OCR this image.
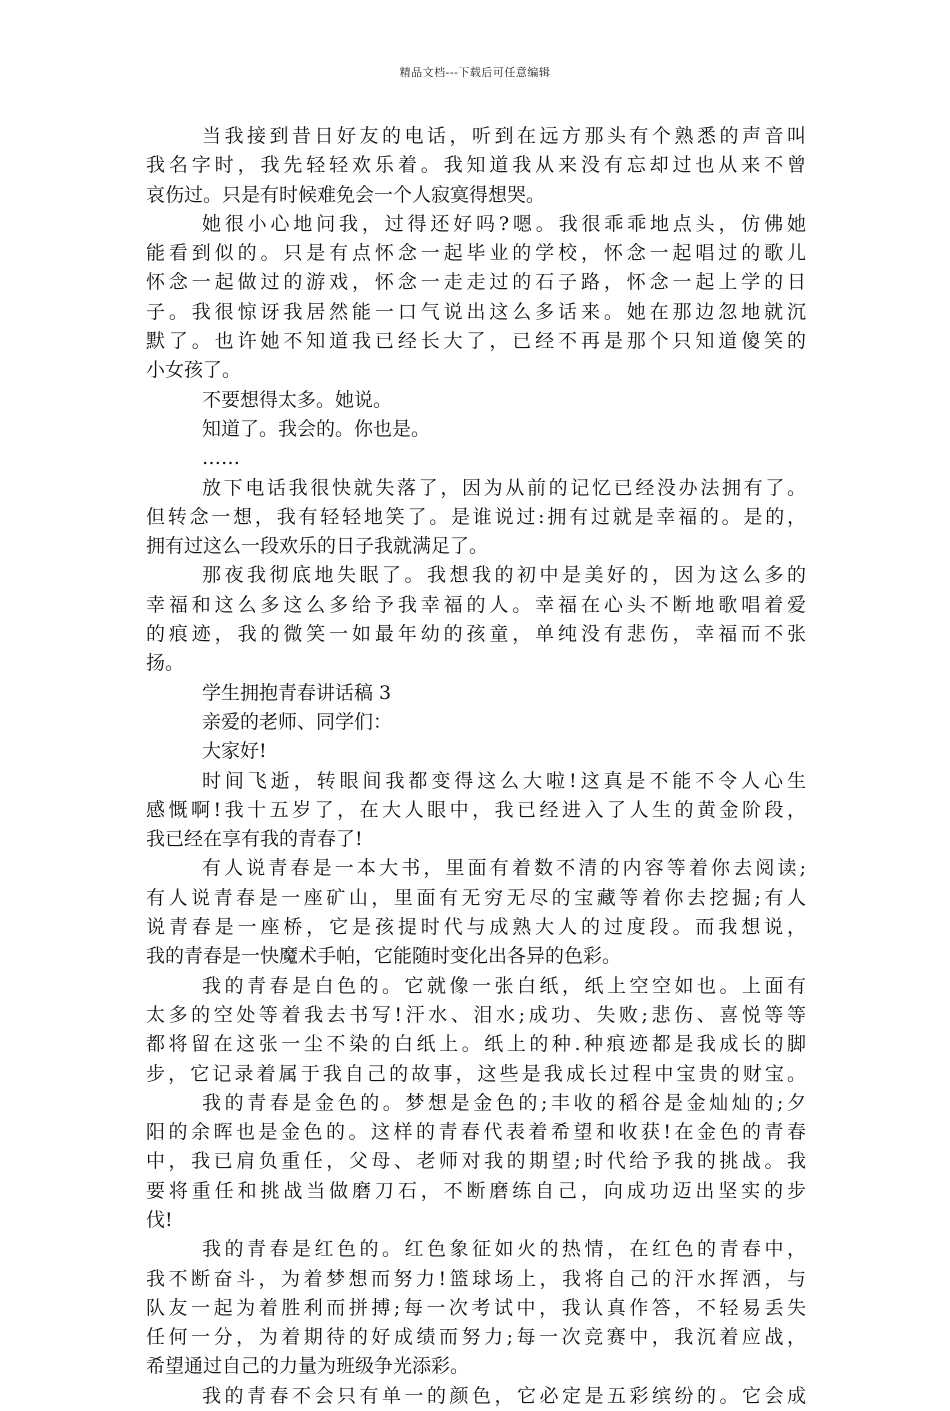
精品文档---下载后可任意编辑
当我接到昔日好友的电话，听到在远方那头有个熟悉的声音叫
我名字时，我先轻轻欢乐着。我知道我从来没有忘却过也从来不曾
哀伤过。只是有时候难免会一个人寂寞得想哭。
她很小心地问我，过得还好吗?嗯。我很乖乖地点头，仿佛她
能看到似的。只是有点怀念一起毕业的学校，怀念一起唱过的歌儿
怀念一起做过的游戏，怀念一走走过的石子路，怀念一起上学的日
子。我很惊讶我居然能一口气说出这么多话来。她在那边忽地就沉
默了。也许她不知道我已经长大了，已经不再是那个只知道傻笑的
小女孩了。
不要想得太多。她说。
知道了。我会的。你也是。
……
放下电话我很快就失落了，因为从前的记忆已经没办法拥有了。
但转念一想，我有轻轻地笑了。是谁说过:拥有过就是幸福的。是的，
拥有过这么一段欢乐的日子我就满足了。
那夜我彻底地失眠了。我想我的初中是美好的，因为这么多的
幸福和这么多这么多给予我幸福的人。幸福在心头不断地歌唱着爱
的痕迹，我的微笑一如最年幼的孩童，单纯没有悲伤，幸福而不张
扬。
学生拥抱青春讲话稿 3
亲爱的老师、同学们：
大家好!
时间飞逝，转眼间我都变得这么大啦!这真是不能不令人心生
感慨啊!我十五岁了，在大人眼中，我已经进入了人生的黄金阶段，
我已经在享有我的青春了!
有人说青春是一本大书，里面有着数不清的内容等着你去阅读;
有人说青春是一座矿山，里面有无穷无尽的宝藏等着你去挖掘;有人
说青春是一座桥，它是孩提时代与成熟大人的过度段。而我想说，
我的青春是一快魔术手帕，它能随时变化出各异的色彩。
我的青春是白色的。它就像一张白纸，纸上空空如也。上面有
太多的空处等着我去书写!汗水、泪水;成功、失败;悲伤、喜悦等等
都将留在这张一尘不染的白纸上。纸上的种.种痕迹都是我成长的脚
步，它记录着属于我自己的故事，这些是我成长过程中宝贵的财宝。
我的青春是金色的。梦想是金色的;丰收的稻谷是金灿灿的;夕
阳的余晖也是金色的。这样的青春代表着希望和收获!在金色的青春
中，我已肩负重任，父母、老师对我的期望;时代给予我的挑战。我
要将重任和挑战当做磨刀石，不断磨练自己，向成功迈出坚实的步
伐!
我的青春是红色的。红色象征如火的热情，在红色的青春中，
我不断奋斗，为着梦想而努力!篮球场上，我将自己的汗水挥洒，与
队友一起为着胜利而拼搏;每一次考试中，我认真作答，不轻易丢失
任何一分，为着期待的好成绩而努力;每一次竞赛中，我沉着应战，
希望通过自己的力量为班级争光添彩。
我的青春不会只有单一的颜色，它必定是五彩缤纷的。它会成
